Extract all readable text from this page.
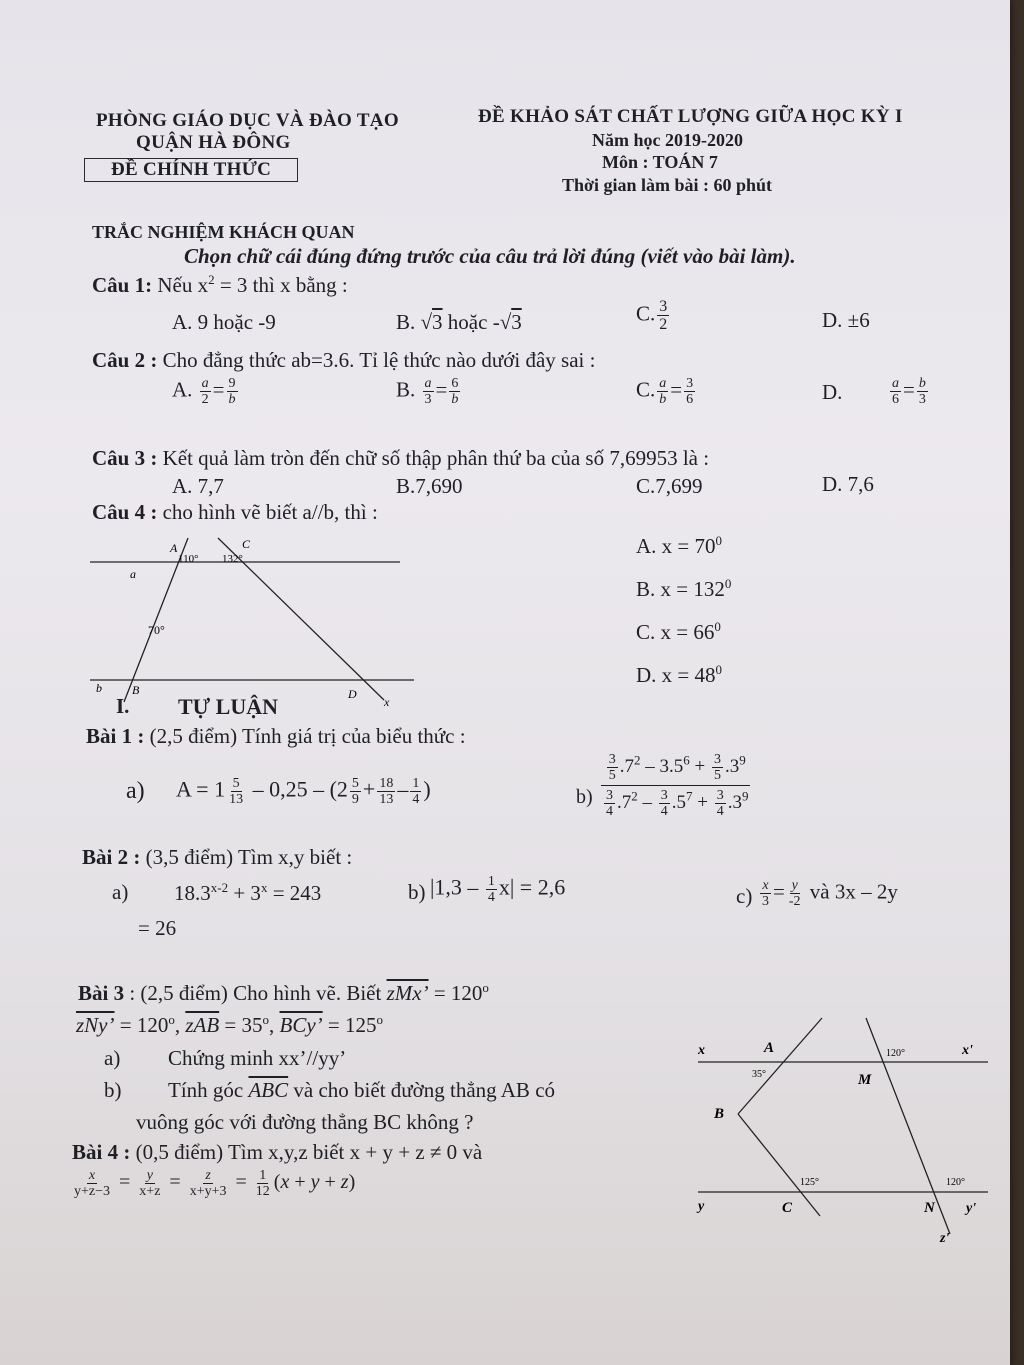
PHÒNG GIÁO DỤC VÀ ĐÀO TẠO
QUẬN HÀ ĐÔNG
ĐỀ CHÍNH THỨC
ĐỀ KHẢO SÁT CHẤT LƯỢNG GIỮA HỌC KỲ I
Năm học 2019-2020
Môn : TOÁN 7
Thời gian làm bài : 60 phút
TRẮC NGHIỆM KHÁCH QUAN
Chọn chữ cái đúng đứng trước của câu trả lời đúng (viết vào bài làm).
Câu 1: Nếu $x^2 = 3$ thì x bằng :
A. 9 hoặc -9	B. √3 hoặc -√3	C. $\frac{3}{2}$	D. ±6
Câu 2 : Cho đẳng thức ab=3.6. Tỉ lệ thức nào dưới đây sai :
A. $\frac{a}{2} = \frac{9}{b}$	B. $\frac{a}{3} = \frac{6}{b}$	C. $\frac{a}{b} = \frac{3}{6}$	D.	$\frac{a}{6} = \frac{b}{3}$
Câu 3 : Kết quả làm tròn đến chữ số thập phân thứ ba của số 7,69953 là :
A. 7,7	B.7,690	C.7,699	D. 7,6
Câu 4 : cho hình vẽ biết a//b, thì :
A
110°
C
132°
a
70°
b	B	D
x
A. $x = 70^0$
B. $x = 132^0$
C. $x = 66^0$
D. $x = 48^0$
I. TỰ LUẬN
Bài 1 : (2,5 điểm) Tính giá trị của biểu thức :
a) $A = 1 \frac{5}{13} - 0,25 - (2 \frac{5}{9} + \frac{18}{13} - \frac{1}{4}$ )	$b) \frac{\frac{3}{5} .7^2 - 3.5^6 + \frac{3}{5} .3^9}{\frac{3}{4} .7^2 - \frac{3}{4} .5^7 + \frac{3}{4} .3^9}$
Bài 2 : (3,5 điểm) Tìm x,y biết :
a) $18.3^{x-2} + 3^x = 243$	b) $|1,3 - \frac{1}{4} x| = 2,6$	$c) \frac{x}{3} = \frac{y}{-2}$ và 3x – 2y
= 26
Bài 3 : (2,5 điểm) Cho hình vẽ. Biết zMx’ = $120^o$
zNy’ = $120^o$, $\overline{zAB} = 35^o$, BCy’ = $125^o$
a) Chứng minh xx’//yy’
b) Tính góc $\overline{ABC}$ và cho biết đường thẳng AB có
vuông góc với đường thẳng BC không ?
x	A
35°
120°	x'
M
B
125°	120°
y	C	N y'
z'
Bài 4 : (0,5 điểm) Tìm x,y,z biết x + y + z ≠ 0 và
$\frac{x}{y+z-3} = \frac{y}{x+z} = \frac{z}{x+y+3} = \frac{1}{12} (x + y + z)$
